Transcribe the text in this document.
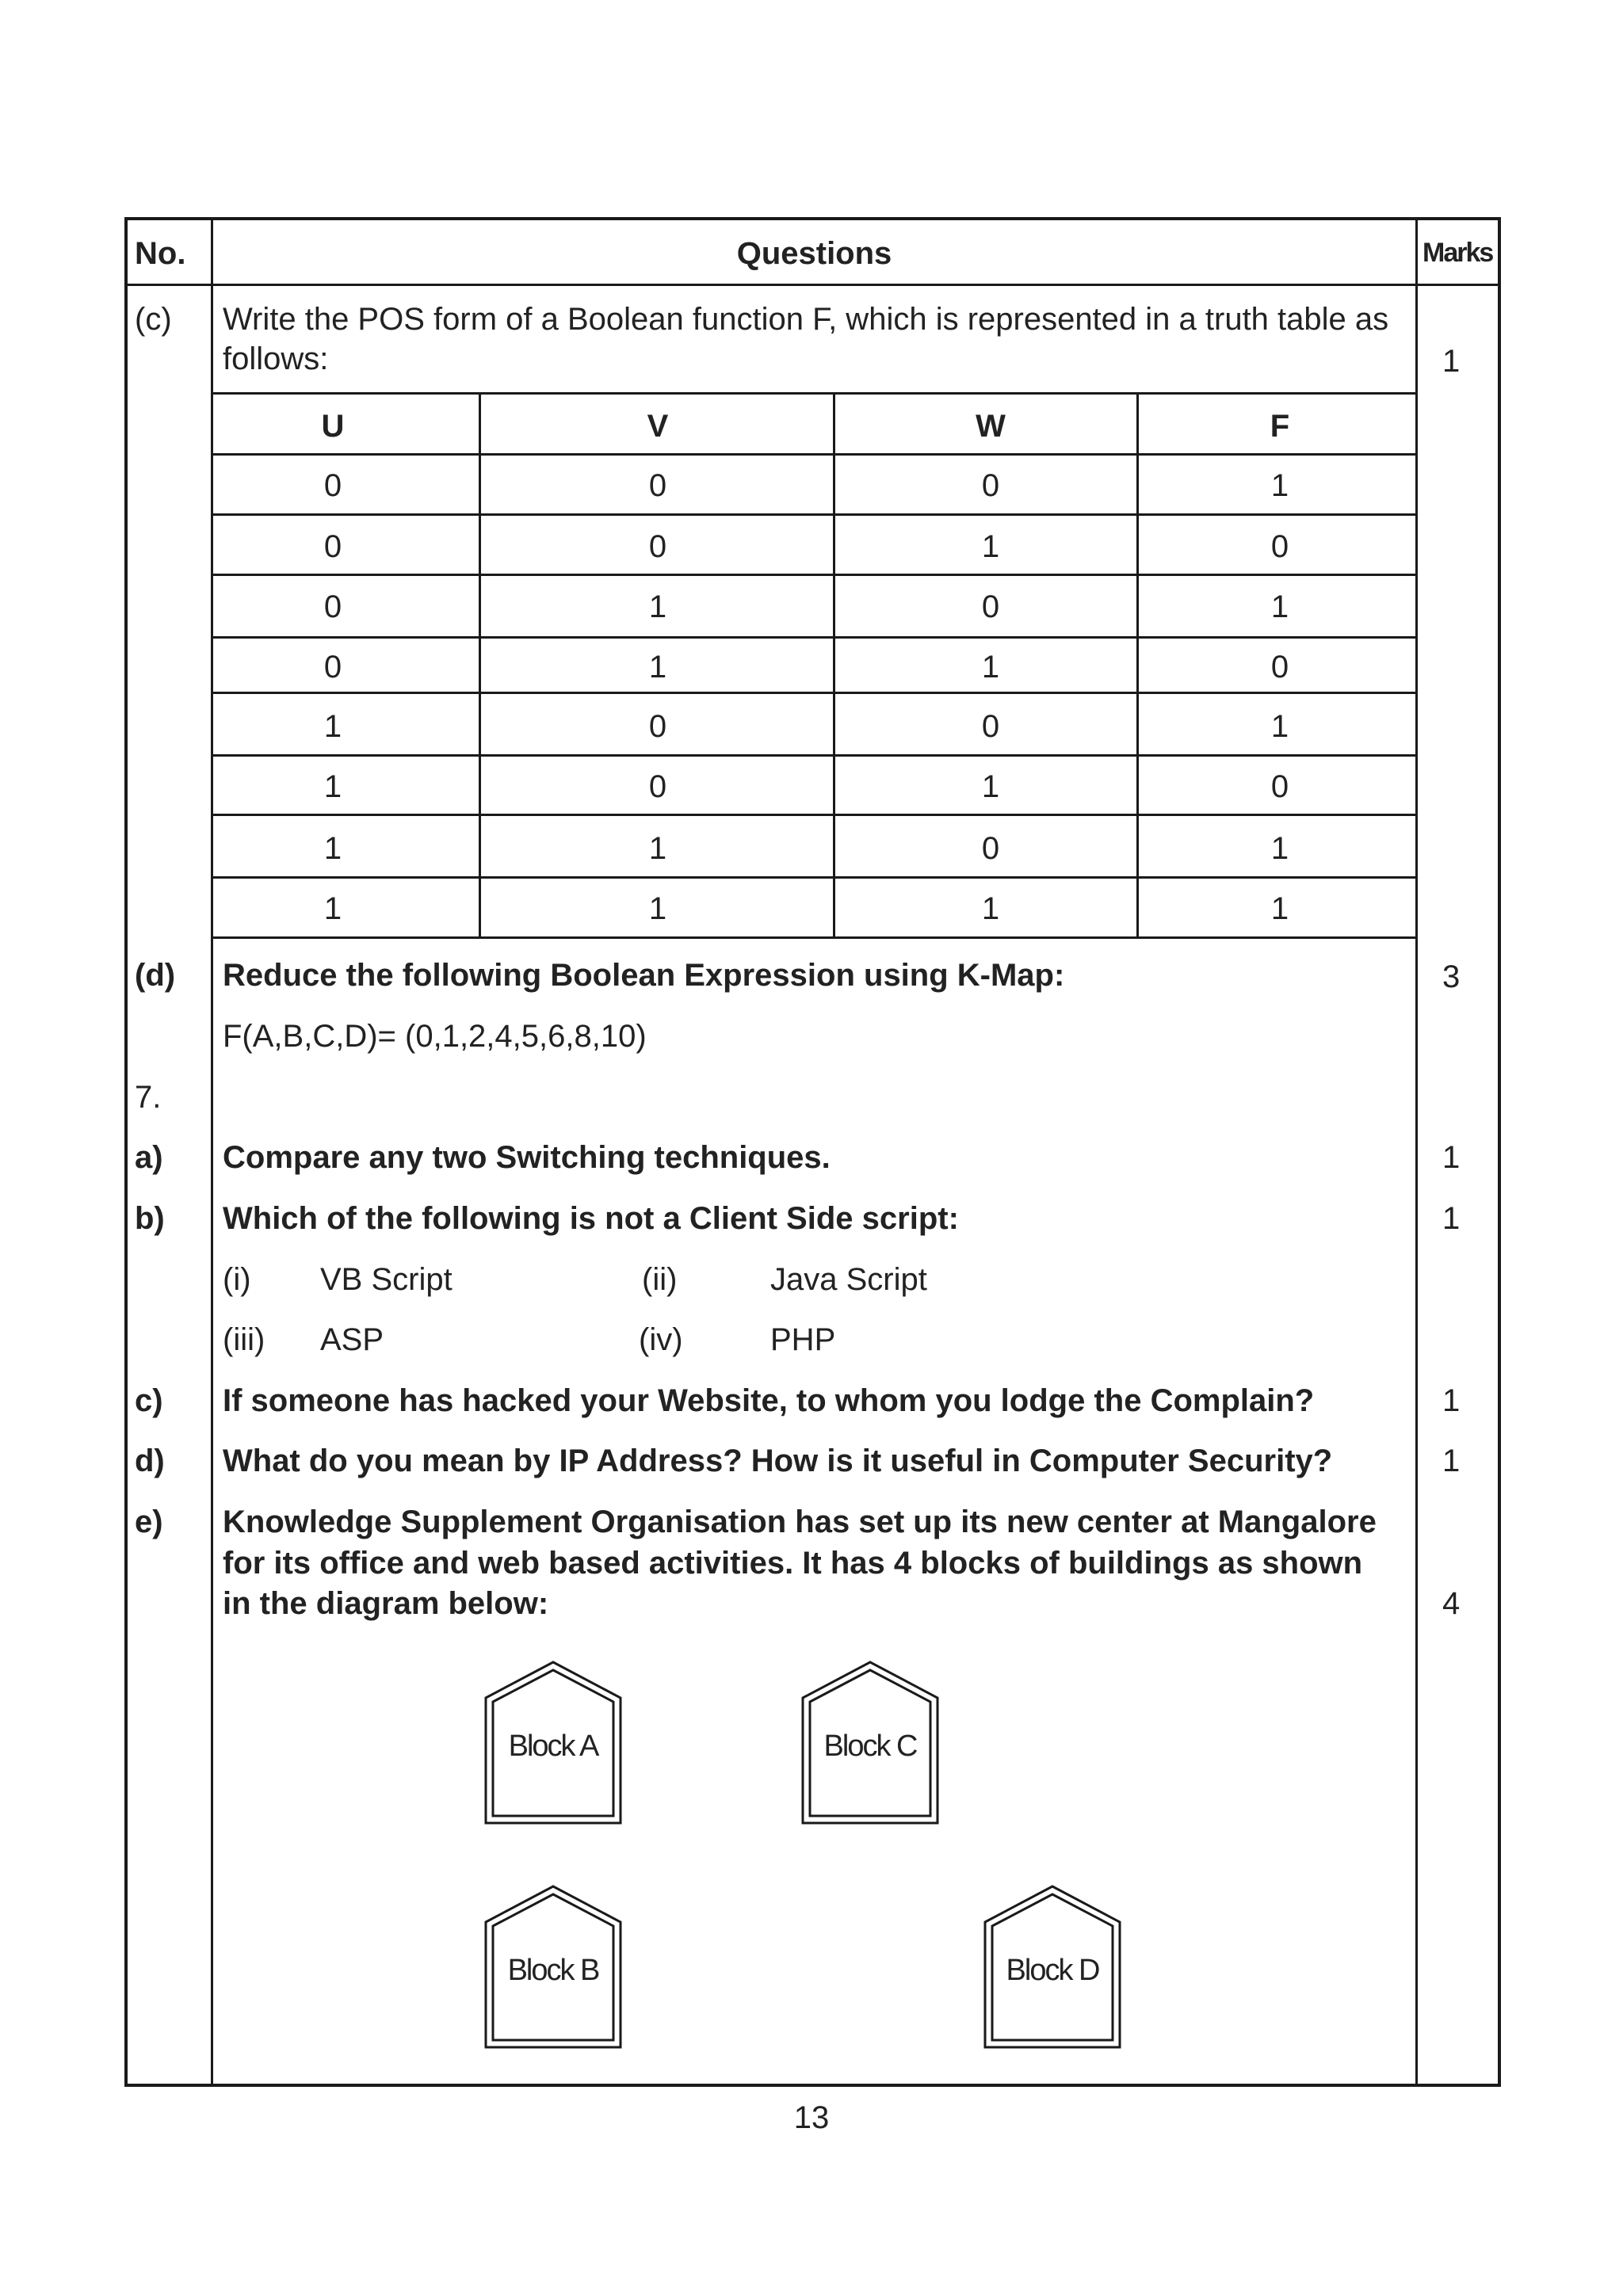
No.	Questions	Marks
(c) Write the POS form of a Boolean function F, which is represented in a truth table as
follows:	1
U	V	W	F
0	0	0	1
0	0	1	0
0	1	0	1
0	1	1	0
1	0	0	1
1	0	1	0
1	1	0	1
1	1	1	1
(d) Reduce the following Boolean Expression using K-Map:	3
F(A,B,C,D)= (0,1,2,4,5,6,8,10)
7.
a) Compare any two Switching techniques.	1
b) Which of the following is not a Client Side script:	1
(i) VB Script	(ii)	Java Script
(iii) ASP	(iv)	PHP
c) If someone has hacked your Website, to whom you lodge the Complain?	1
d) What do you mean by IP Address? How is it useful in Computer Security?	1
e) Knowledge Supplement Organisation has set up its new center at Mangalore
for its office and web based activities. It has 4 blocks of buildings as shown
in the diagram below:	4
Block A	Block C
Block B	Block D
13
